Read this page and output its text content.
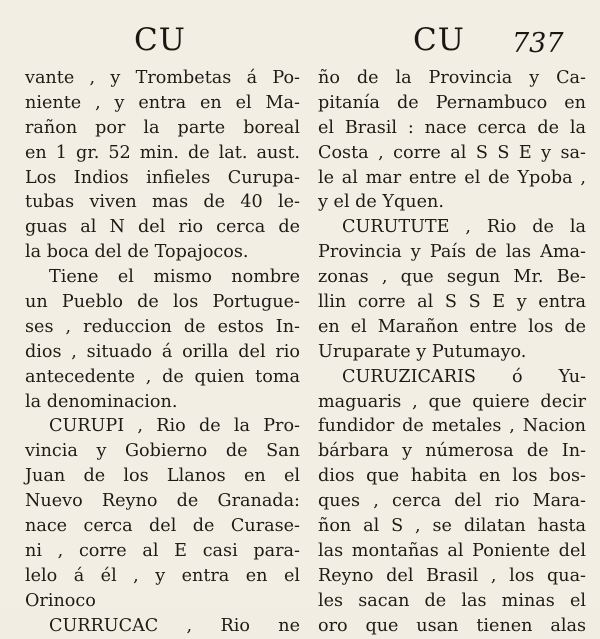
CU	CU 737
vante , y Trombetas á Po-
niente , y entra en el Ma-
rañon por la parte boreal
en 1 gr. 52 min. de lat. aust.
Los Indios infieles Curupa-
tubas viven mas de 40 le-
guas al N del rio cerca de
la boca del de Topajocos.
Tiene el mismo nombre
un Pueblo de los Portugue-
ses , reduccion de estos In-
dios , situado á orilla del rio
antecedente , de quien toma
la denominacion.
CURUPI , Rio de la Pro-
vincia y Gobierno de San
Juan de los Llanos en el
Nuevo Reyno de Granada:
nace cerca del de Curase-
ni , corre al E casi para-
lelo á él , y entra en el
Orinoco
CURRUCAC , Rio ne
ño de la Provincia y Ca-
pitanía de Pernambuco en
el Brasil : nace cerca de la
Costa , corre al S S E y sa-
le al mar entre el de Ypoba ,
y el de Yquen.
CURUTUTE , Rio de la
Provincia y País de las Ama-
zonas , que segun Mr. Be-
llin corre al S S E y entra
en el Marañon entre los de
Uruparate y Putumayo.
CURUZICARIS ó Yu-
maguaris , que quiere decir
fundidor de metales , Nacion
bárbara y númerosa de In-
dios que habita en los bos-
ques , cerca del rio Mara-
ñon al S , se dilatan hasta
las montañas al Poniente del
Reyno del Brasil , los qua-
les sacan de las minas el
oro que usan tienen alas
